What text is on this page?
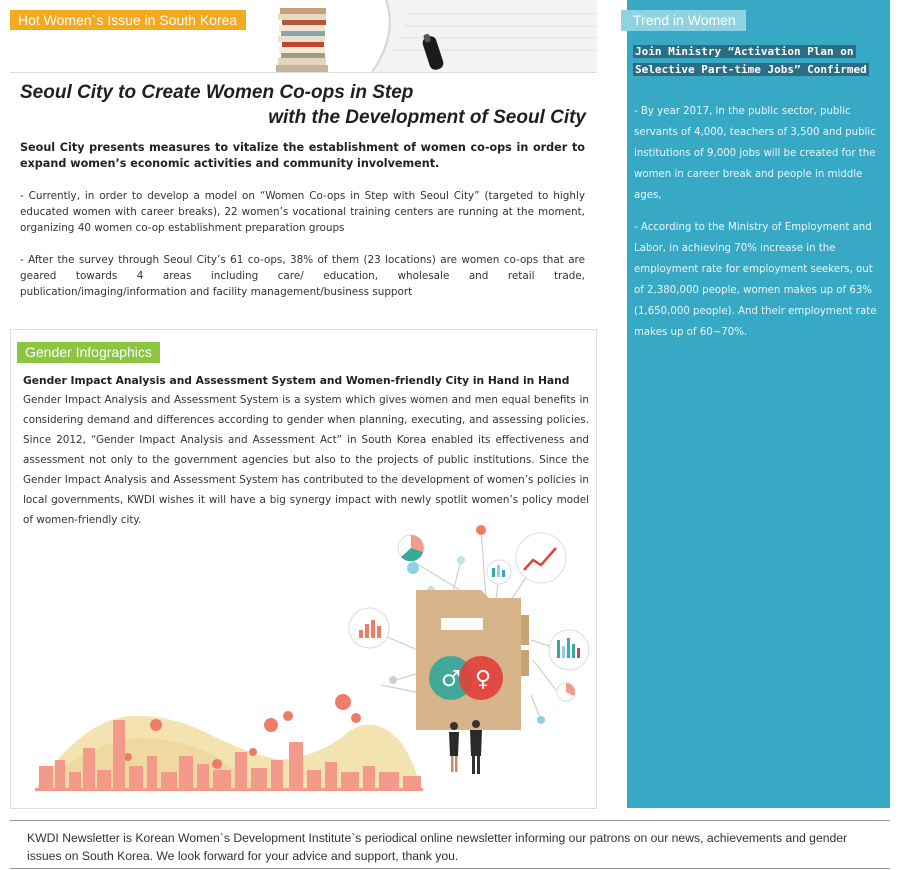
Hot Women`s Issue in South Korea
Seoul City to Create Women Co-ops in Step
with the Development of Seoul City

Seoul City presents measures to vitalize the establishment of women co-ops in order to expand women’s economic activities and community involvement.

- Currently, in order to develop a model on “Women Co-ops in Step with Seoul City” (targeted to highly educated women with career breaks), 22 women’s vocational training centers are running at the moment, organizing 40 women co-op establishment preparation groups

- After the survey through Seoul City’s 61 co-ops, 38% of them (23 locations) are women co-ops that are geared towards 4 areas including care/ education, wholesale and retail trade, publication/imaging/information and facility management/business support

Gender Infographics
Gender Impact Analysis and Assessment System and Women-friendly City in Hand in Hand

Gender Impact Analysis and Assessment System is a system which gives women and men equal benefits in considering demand and differences according to gender when planning, executing, and assessing policies. Since 2012, “Gender Impact Analysis and Assessment Act” in South Korea enabled its effectiveness and assessment not only to the government agencies but also to the projects of public institutions. Since the Gender Impact Analysis and Assessment System has contributed to the development of women’s policies in local governments, KWDI wishes it will have a big synergy impact with newly spotlit women’s policy model of women-friendly city.

♂ ♀
Trend in Women
Join Ministry “Activation Plan on
Selective Part-time Jobs” Confirmed

- By year 2017, in the public sector, public servants of 4,000, teachers of 3,500 and public institutions of 9,000 jobs will be created for the women in career break and people in middle ages,

- According to the Ministry of Employment and Labor, in achieving 70% increase in the employment rate for employment seekers, out of 2,380,000 people, women makes up of 63% (1,650,000 people). And their employment rate makes up of 60~70%.

KWDI Newsletter is Korean Women`s Development Institute`s periodical online newsletter informing our patrons on our news, achievements and gender issues on South Korea. We look forward for your advice and support, thank you.
